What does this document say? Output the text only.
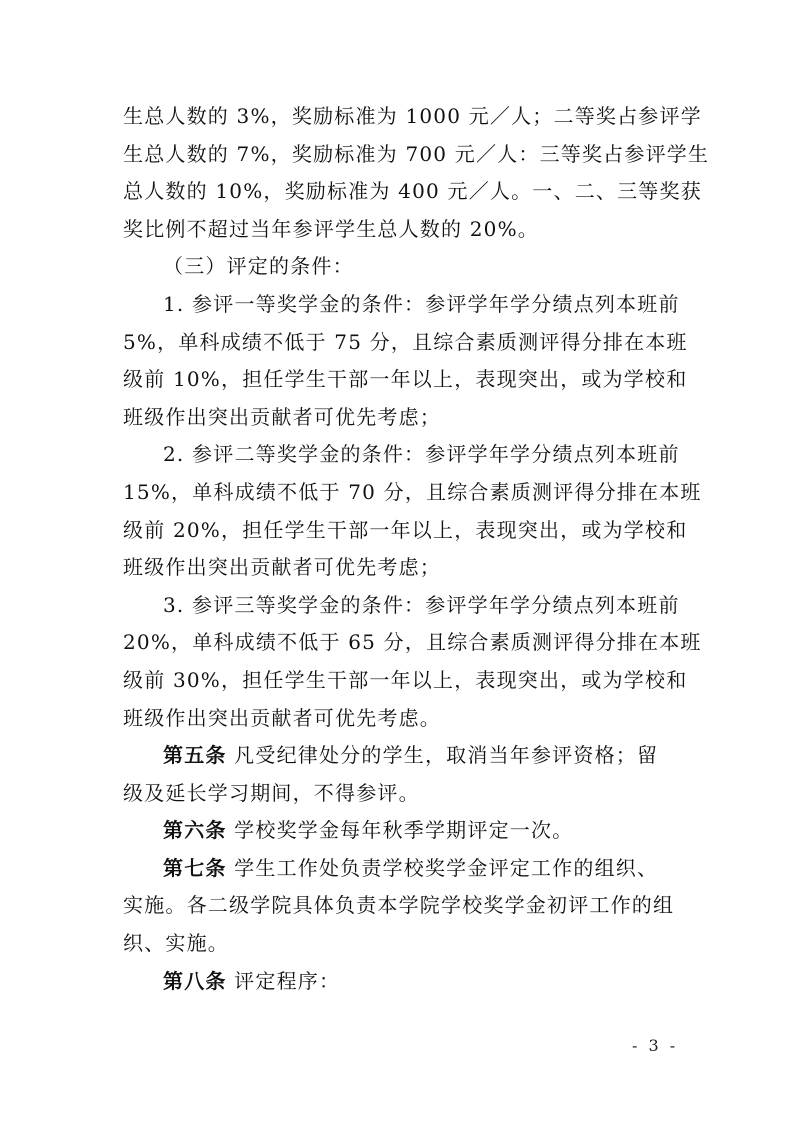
生总人数的 3%，奖励标准为 1000 元／人；二等奖占参评学
生总人数的 7%，奖励标准为 700 元／人：三等奖占参评学生
总人数的 10%，奖励标准为 400 元／人。一、二、三等奖获
奖比例不超过当年参评学生总人数的 20%。
（三）评定的条件：
1. 参评一等奖学金的条件：参评学年学分绩点列本班前
5%，单科成绩不低于 75 分，且综合素质测评得分排在本班
级前 10%，担任学生干部一年以上，表现突出，或为学校和
班级作出突出贡献者可优先考虑；
2. 参评二等奖学金的条件：参评学年学分绩点列本班前
15%，单科成绩不低于 70 分，且综合素质测评得分排在本班
级前 20%，担任学生干部一年以上，表现突出，或为学校和
班级作出突出贡献者可优先考虑；
3. 参评三等奖学金的条件：参评学年学分绩点列本班前
20%，单科成绩不低于 65 分，且综合素质测评得分排在本班
级前 30%，担任学生干部一年以上，表现突出，或为学校和
班级作出突出贡献者可优先考虑。
第五条 凡受纪律处分的学生，取消当年参评资格；留
级及延长学习期间，不得参评。
第六条 学校奖学金每年秋季学期评定一次。
第七条 学生工作处负责学校奖学金评定工作的组织、
实施。各二级学院具体负责本学院学校奖学金初评工作的组
织、实施。
第八条 评定程序：
- 3 -
